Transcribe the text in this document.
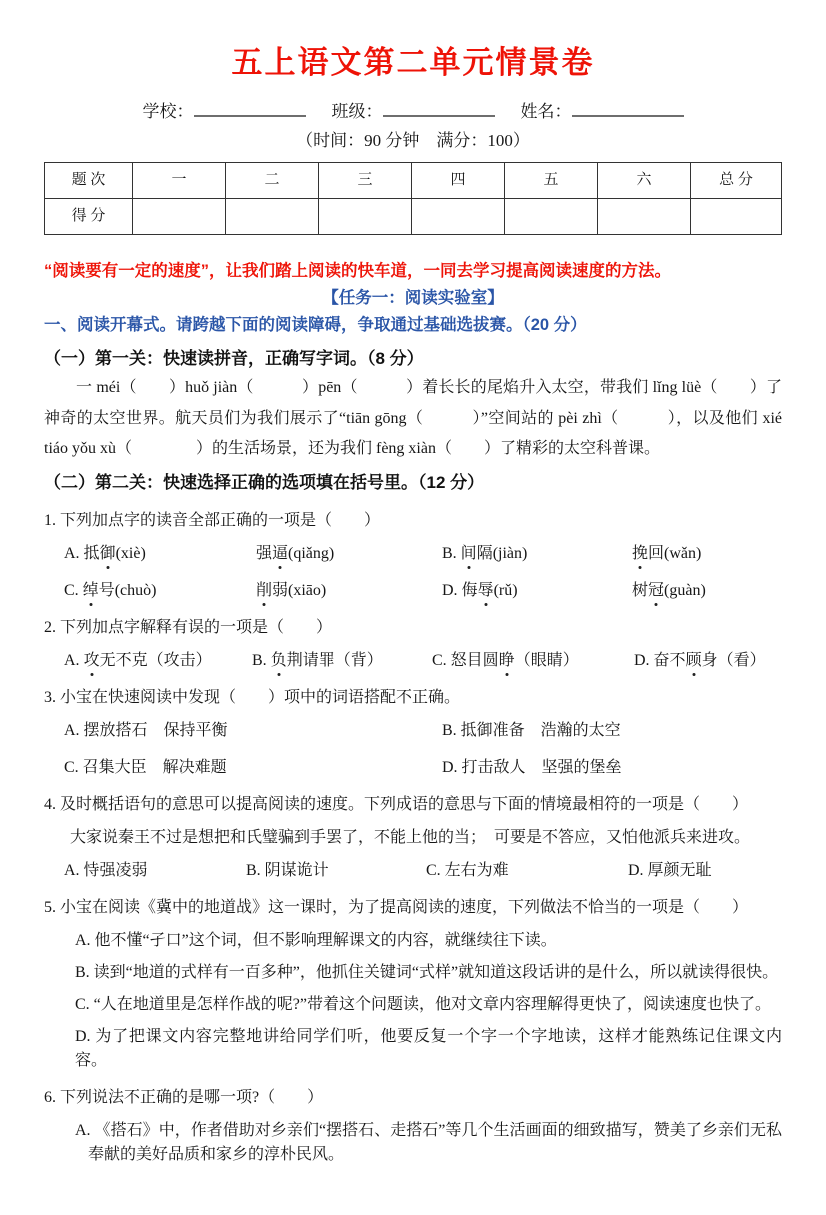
五上语文第二单元情景卷
学校：	班级：	姓名：
（时间：90 分钟　满分：100）
题 次	一	二	三	四	五	六	总 分
得 分							

“阅读要有一定的速度”，让我们踏上阅读的快车道，一同去学习提高阅读速度的方法。

【任务一：阅读实验室】

一、阅读开幕式。请跨越下面的阅读障碍，争取通过基础选拔赛。（20 分）

（一）第一关：快速读拼音，正确写字词。（8 分）

一 méi（　　）huǒ jiàn（　　　）pēn（　　　）着长长的尾焰升入太空，带我们 lǐng lüè（　　）了神奇的太空世界。航天员们为我们展示了“tiān gōng（　　　）”空间站的 pèi zhì（　　　），以及他们 xié tiáo yǒu xù（　　　　）的生活场景，还为我们 fèng xiàn（　　）了精彩的太空科普课。

（二）第二关：快速选择正确的选项填在括号里。（12 分）

1. 下列加点字的读音全部正确的一项是（　　）

A. 抵御(xiè)	强逼(qiǎng)	B. 间隔(jiàn)	挽回(wǎn)
C. 绰号(chuò)	削弱(xiāo)	D. 侮辱(rǔ)	树冠(guàn)

2. 下列加点字解释有误的一项是（　　）

A. 攻无不克（攻击）	B. 负荆请罪（背）	C. 怒目圆睁（眼睛）	D. 奋不顾身（看）

3. 小宝在快速阅读中发现（　　）项中的词语搭配不正确。

A. 摆放搭石　保持平衡	B. 抵御准备　浩瀚的太空
C. 召集大臣　解决难题	D. 打击敌人　坚强的堡垒

4. 及时概括语句的意思可以提高阅读的速度。下列成语的意思与下面的情境最相符的一项是（　　）

大家说秦王不过是想把和氏璧骗到手罢了，不能上他的当；　可要是不答应，又怕他派兵来进攻。

A. 恃强凌弱	B. 阴谋诡计	C. 左右为难	D. 厚颜无耻

5. 小宝在阅读《冀中的地道战》这一课时，为了提高阅读的速度，下列做法不恰当的一项是（　　）

A. 他不懂“孑口”这个词，但不影响理解课文的内容，就继续往下读。

B. 读到“地道的式样有一百多种”，他抓住关键词“式样”就知道这段话讲的是什么，所以就读得很快。

C. “人在地道里是怎样作战的呢?”带着这个问题读，他对文章内容理解得更快了，阅读速度也快了。

D. 为了把课文内容完整地讲给同学们听，他要反复一个字一个字地读，这样才能熟练记住课文内容。

6. 下列说法不正确的是哪一项?（　　）

A. 《搭石》中，作者借助对乡亲们“摆搭石、走搭石”等几个生活画面的细致描写，赞美了乡亲们无私奉献的美好品质和家乡的淳朴民风。
